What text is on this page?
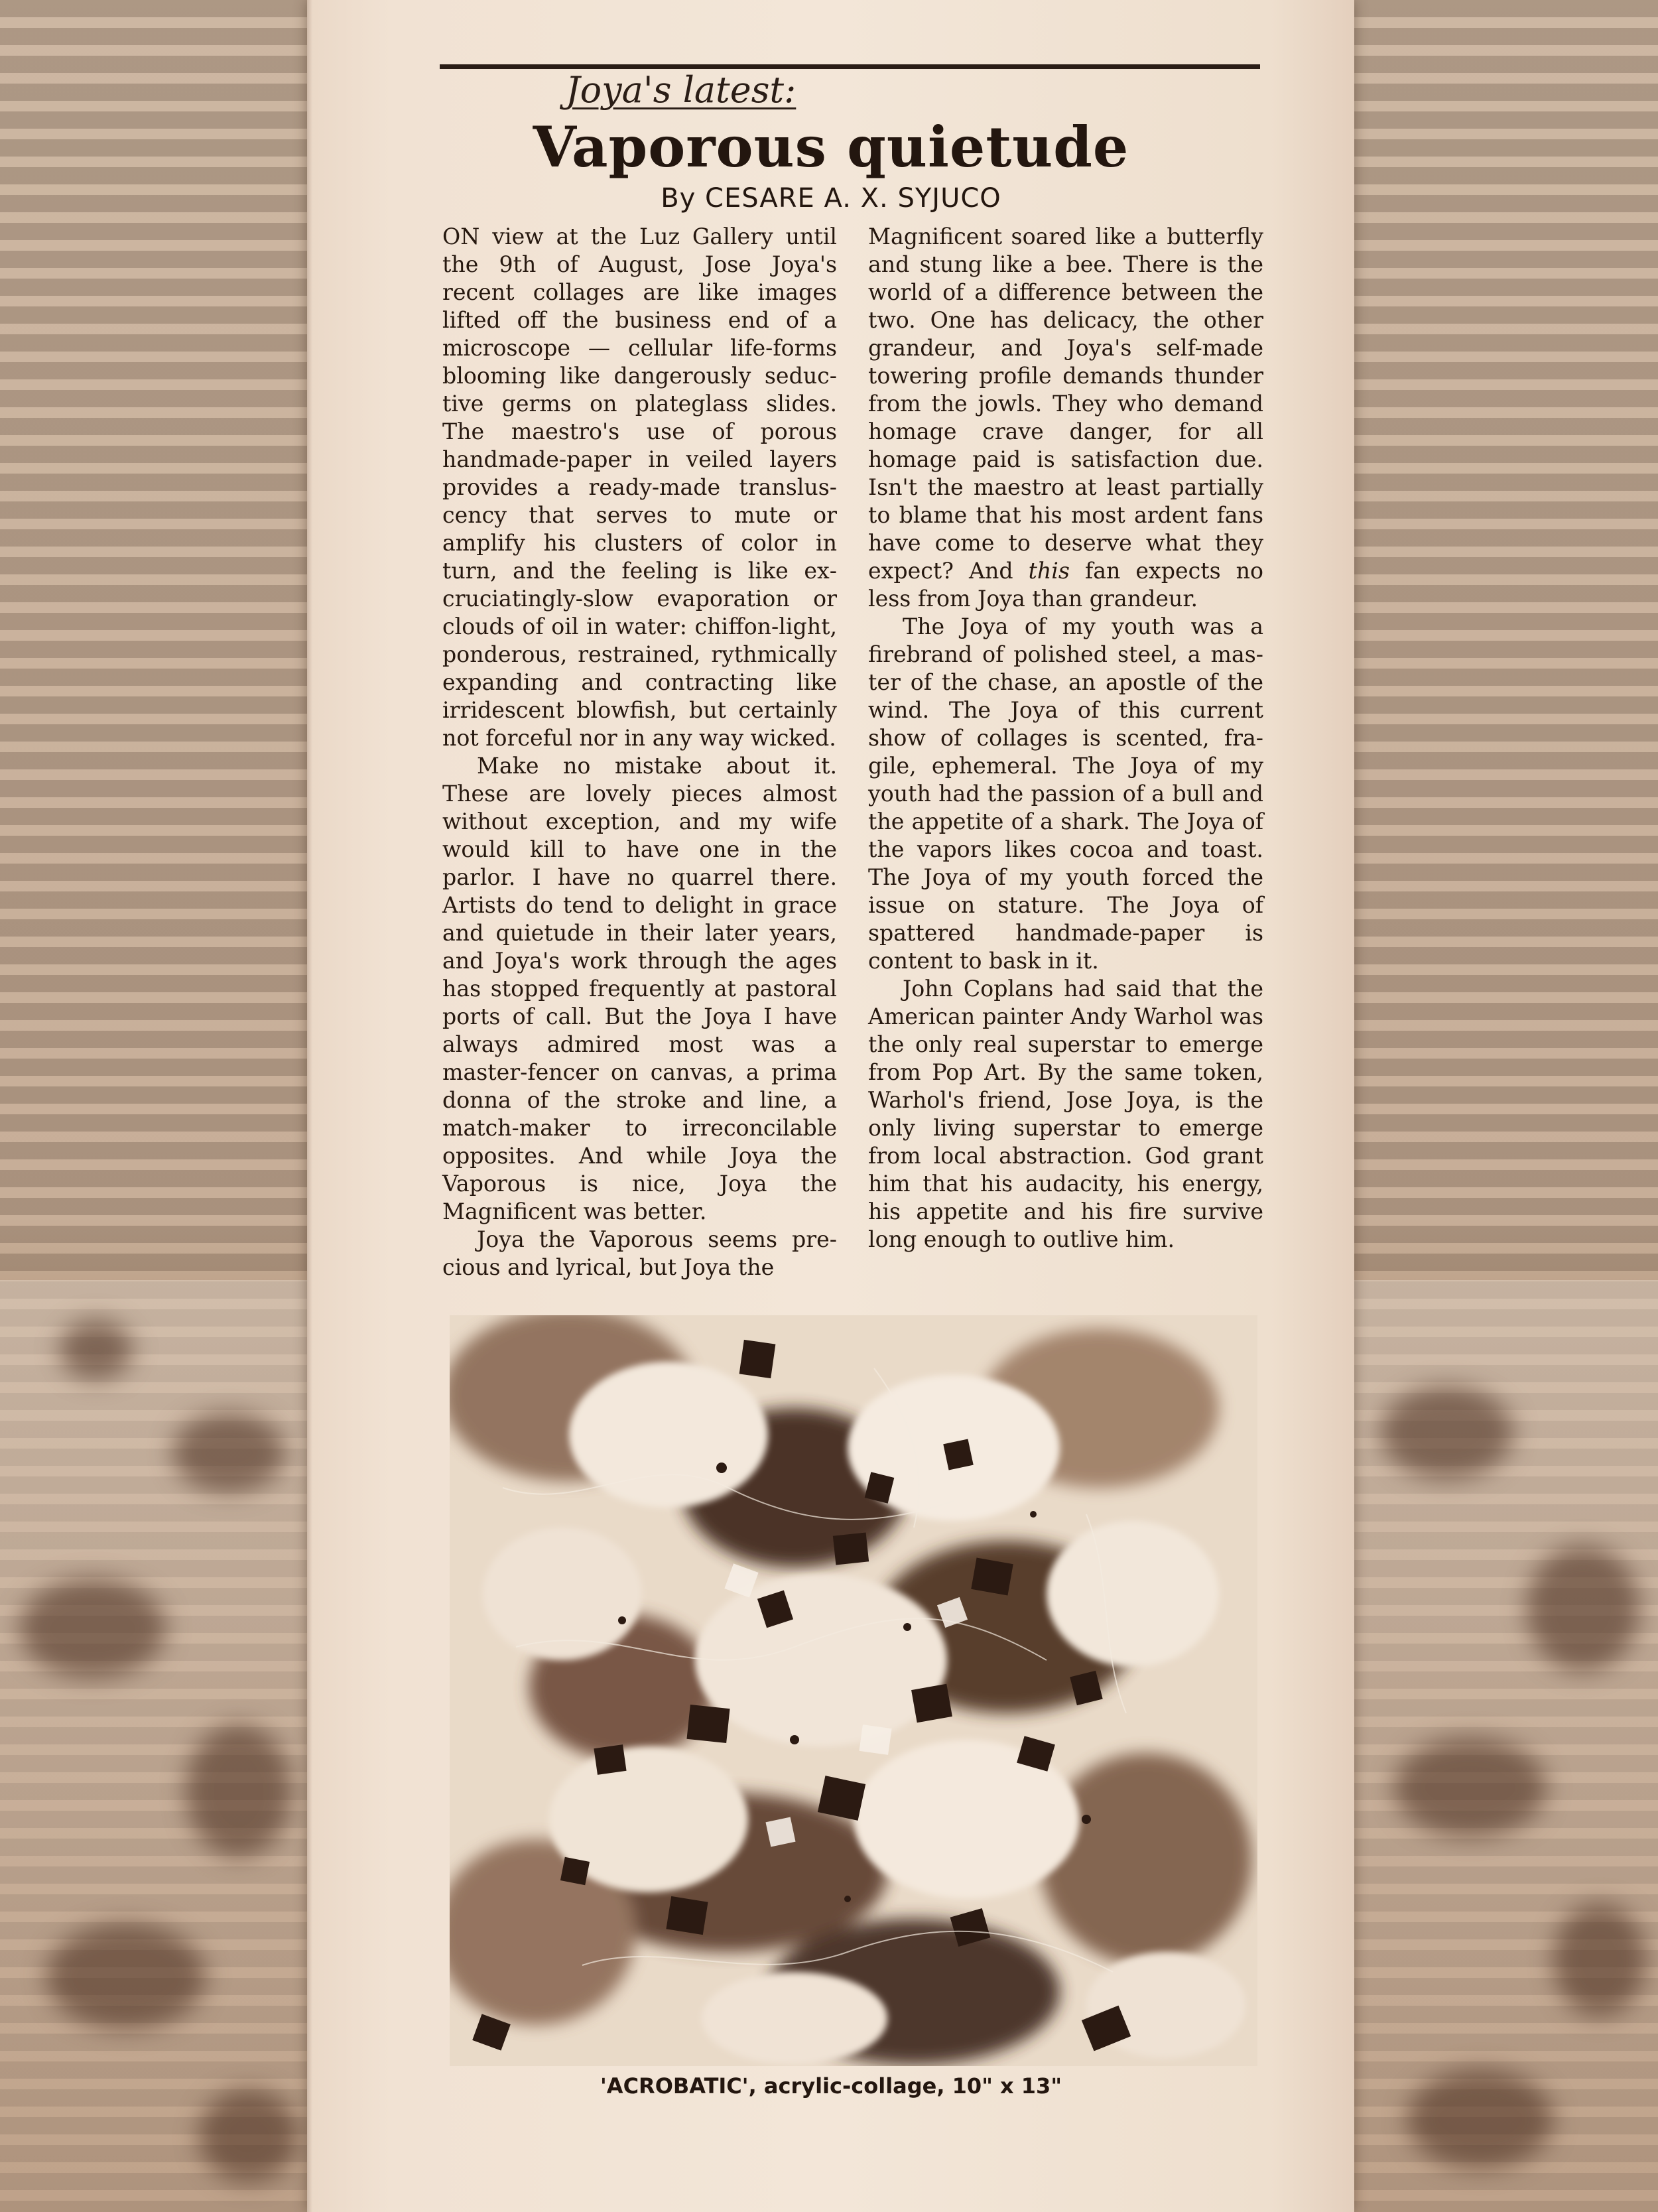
Joya's latest:
Vaporous quietude
By CESARE A. X. SYJUCO

ON view at the Luz Gallery until the 9th of August, Jose Joya's recent collages are like images lifted off the business end of a microscope — cellular life-forms blooming like dangerously seductive germs on plateglass slides. The maestro's use of porous handmade-paper in veiled layers provides a ready-made transluscency that serves to mute or amplify his clusters of color in turn, and the feeling is like excruciatingly-slow evaporation or clouds of oil in water: chiffon-light, ponderous, restrained, rythmically expanding and contracting like irridescent blowfish, but certainly not forceful nor in any way wicked.

Make no mistake about it. These are lovely pieces almost without exception, and my wife would kill to have one in the parlor. I have no quarrel there. Artists do tend to delight in grace and quietude in their later years, and Joya's work through the ages has stopped frequently at pastoral ports of call. But the Joya I have always admired most was a master-fencer on canvas, a prima donna of the stroke and line, a match-maker to irreconcilable opposites. And while Joya the Vaporous is nice, Joya the Magnificent was better.

Joya the Vaporous seems precious and lyrical, but Joya the

Magnificent soared like a butterfly and stung like a bee. There is the world of a difference between the two. One has delicacy, the other grandeur, and Joya's self-made towering profile demands thunder from the jowls. They who demand homage crave danger, for all homage paid is satisfaction due. Isn't the maestro at least partially to blame that his most ardent fans have come to deserve what they expect? And this fan expects no less from Joya than grandeur.

The Joya of my youth was a firebrand of polished steel, a master of the chase, an apostle of the wind. The Joya of this current show of collages is scented, fragile, ephemeral. The Joya of my youth had the passion of a bull and the appetite of a shark. The Joya of the vapors likes cocoa and toast. The Joya of my youth forced the issue on stature. The Joya of spattered handmade-paper is content to bask in it.

John Coplans had said that the American painter Andy Warhol was the only real superstar to emerge from Pop Art. By the same token, Warhol's friend, Jose Joya, is the only living superstar to emerge from local abstraction. God grant him that his audacity, his energy, his appetite and his fire survive long enough to outlive him.

'ACROBATIC', acrylic-collage, 10" x 13"
